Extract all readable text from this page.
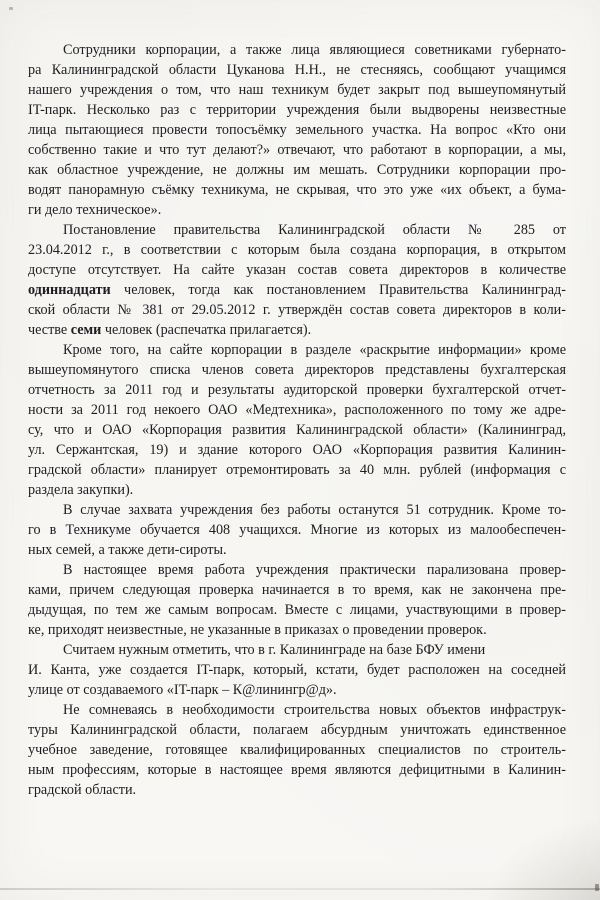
Сотрудники корпорации, а также лица являющиеся советниками губернато-
ра Калининградской области Цуканова Н.Н., не стесняясь, сообщают учащимся
нашего учреждения о том, что наш техникум будет закрыт под вышеупомянутый
IT-парк. Несколько раз с территории учреждения были выдворены неизвестные
лица пытающиеся провести топосъёмку земельного участка. На вопрос «Кто они
собственно такие и что тут делают?» отвечают, что работают в корпорации, а мы,
как областное учреждение, не должны им мешать. Сотрудники корпорации про-
водят панорамную съёмку техникума, не скрывая, что это уже «их объект, а бума-
ги дело техническое».
Постановление правительства Калининградской области № 285 от
23.04.2012 г., в соответствии с которым была создана корпорация, в открытом
доступе отсутствует. На сайте указан состав совета директоров в количестве
одиннадцати человек, тогда как постановлением Правительства Калининград-
ской области № 381 от 29.05.2012 г. утверждён состав совета директоров в коли-
честве семи человек (распечатка прилагается).
Кроме того, на сайте корпорации в разделе «раскрытие информации» кроме
вышеупомянутого списка членов совета директоров представлены бухгалтерская
отчетность за 2011 год и результаты аудиторской проверки бухгалтерской отчет-
ности за 2011 год некоего ОАО «Медтехника», расположенного по тому же адре-
су, что и ОАО «Корпорация развития Калининградской области» (Калининград,
ул. Сержантская, 19) и здание которого ОАО «Корпорация развития Калинин-
градской области» планирует отремонтировать за 40 млн. рублей (информация с
раздела закупки).
В случае захвата учреждения без работы останутся 51 сотрудник. Кроме то-
го в Техникуме обучается 408 учащихся. Многие из которых из малообеспечен-
ных семей, а также дети-сироты.
В настоящее время работа учреждения практически парализована провер-
ками, причем следующая проверка начинается в то время, как не закончена пре-
дыдущая, по тем же самым вопросам. Вместе с лицами, участвующими в провер-
ке, приходят неизвестные, не указанные в приказах о проведении проверок.
Считаем нужным отметить, что в г. Калининграде на базе БФУ имени
И. Канта, уже создается IT-парк, который, кстати, будет расположен на соседней
улице от создаваемого «IT-парк – К@линингр@д».
Не сомневаясь в необходимости строительства новых объектов инфраструк-
туры Калининградской области, полагаем абсурдным уничтожать единственное
учебное заведение, готовящее квалифицированных специалистов по строитель-
ным профессиям, которые в настоящее время являются дефицитными в Калинин-
градской области.
